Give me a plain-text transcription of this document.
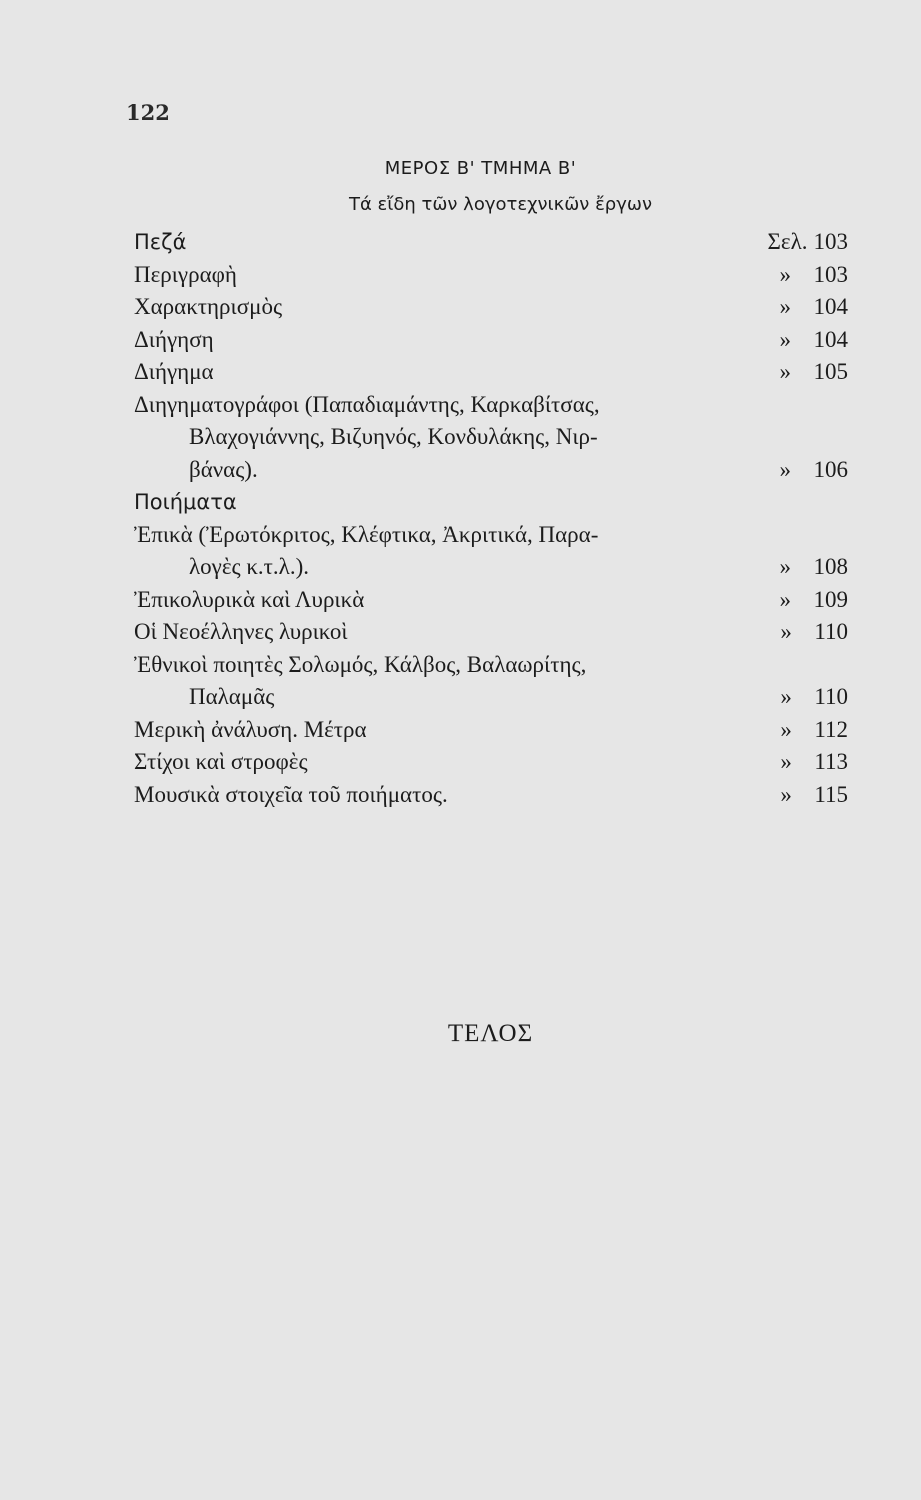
122
ΜΕΡΟΣ Β' ΤΜΗΜΑ Β'
Τά εἴδη τῶν λογοτεχνικῶν ἔργων
Πεζά	Σελ. 103
Περιγραφὴ	» 103
Χαρακτηρισμὸς	» 104
Διήγηση	» 104
Διήγημα	» 105
Διηγηματογράφοι (Παπαδιαμάντης, Καρκαβίτσας,
Βλαχογιάννης, Βιζυηνός, Κονδυλάκης, Νιρ-
βάνας).	» 106
Ποιήματα
Ἐπικὰ (Ἐρωτόκριτος, Κλέφτικα, Ἀκριτικά, Παρα-
λογὲς κ.τ.λ.).	» 108
Ἐπικολυρικὰ καὶ Λυρικὰ	» 109
Οἱ Νεοέλληνες λυρικοὶ	» 110
Ἐθνικοὶ ποιητὲς Σολωμός, Κάλβος, Βαλαωρίτης,
Παλαμᾶς	» 110
Μερικὴ ἀνάλυση. Μέτρα	» 112
Στίχοι καὶ στροφὲς	» 113
Μουσικὰ στοιχεῖα τοῦ ποιήματος.	» 115
ΤΕΛΟΣ
